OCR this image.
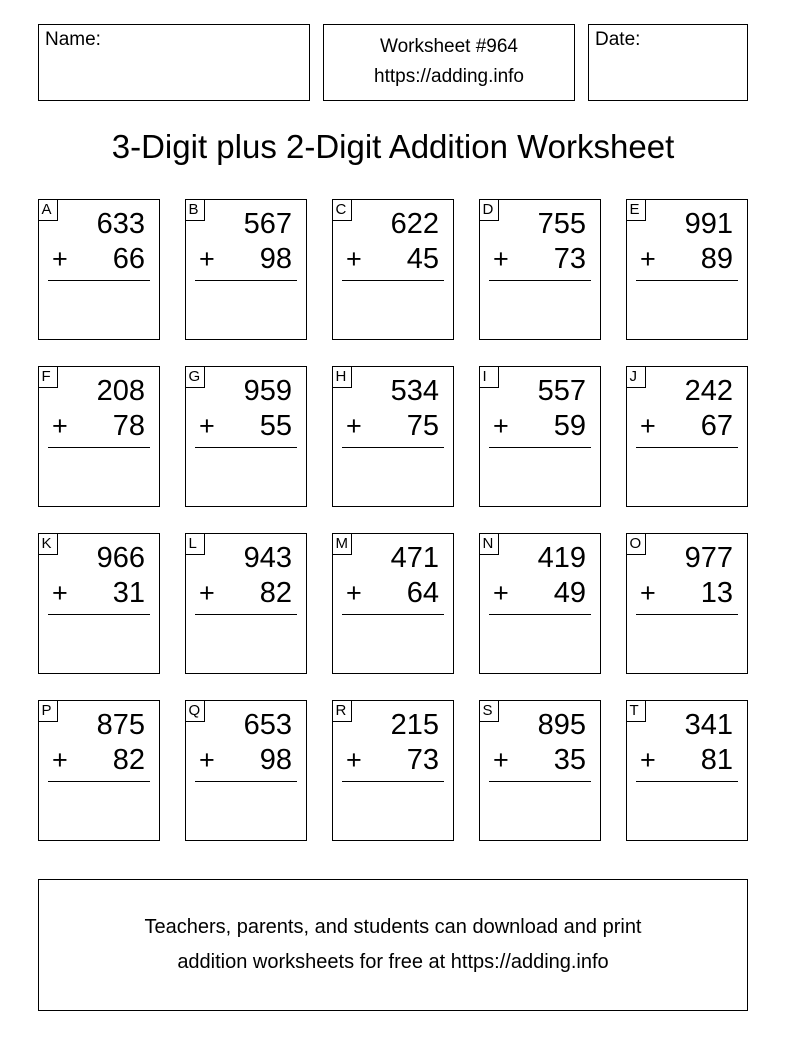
Name:	Worksheet #964
https://adding.info
Date:
3-Digit plus 2-Digit Addition Worksheet
A 633
+ 66
B 567
+ 98
C 622
+ 45
D 755
+ 73
E 991
+ 89
F 208
+ 78
G 959
+ 55
H 534
+ 75
I	557
+ 59
J 242
+ 67
K 966
+ 31
L 943
+ 82
M 471
+ 64
N 419
+ 49
O 977
+ 13
P 875
+ 82
Q 653
+ 98
R 215
+ 73
S 895
+ 35
T 341
+ 81
Teachers, parents, and students can download and print
addition worksheets for free at https://adding.info
